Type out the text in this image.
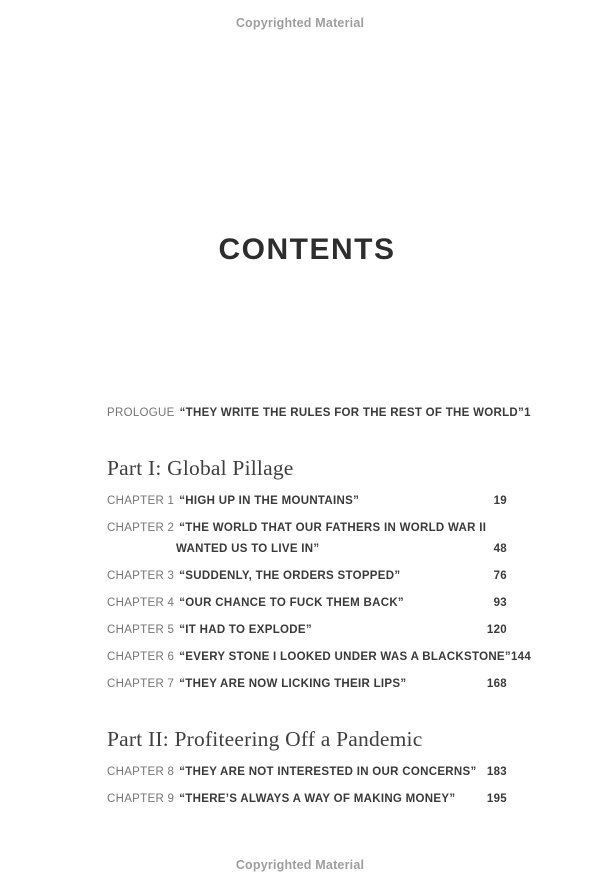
Copyrighted Material
CONTENTS
PROLOGUE “THEY WRITE THE RULES FOR THE REST OF THE WORLD” 1
Part I: Global Pillage
CHAPTER 1 “HIGH UP IN THE MOUNTAINS”	19
CHAPTER 2 “THE WORLD THAT OUR FATHERS IN WORLD WAR II
WANTED US TO LIVE IN”	48
CHAPTER 3 “SUDDENLY, THE ORDERS STOPPED”	76
CHAPTER 4 “OUR CHANCE TO FUCK THEM BACK”	93
CHAPTER 5 “IT HAD TO EXPLODE”	120
CHAPTER 6 “EVERY STONE I LOOKED UNDER WAS A BLACKSTONE” 144
CHAPTER 7 “THEY ARE NOW LICKING THEIR LIPS”	168
Part II: Profiteering Off a Pandemic
CHAPTER 8 “THEY ARE NOT INTERESTED IN OUR CONCERNS” 183
CHAPTER 9 “THERE’S ALWAYS A WAY OF MAKING MONEY”	195
Copyrighted Material
